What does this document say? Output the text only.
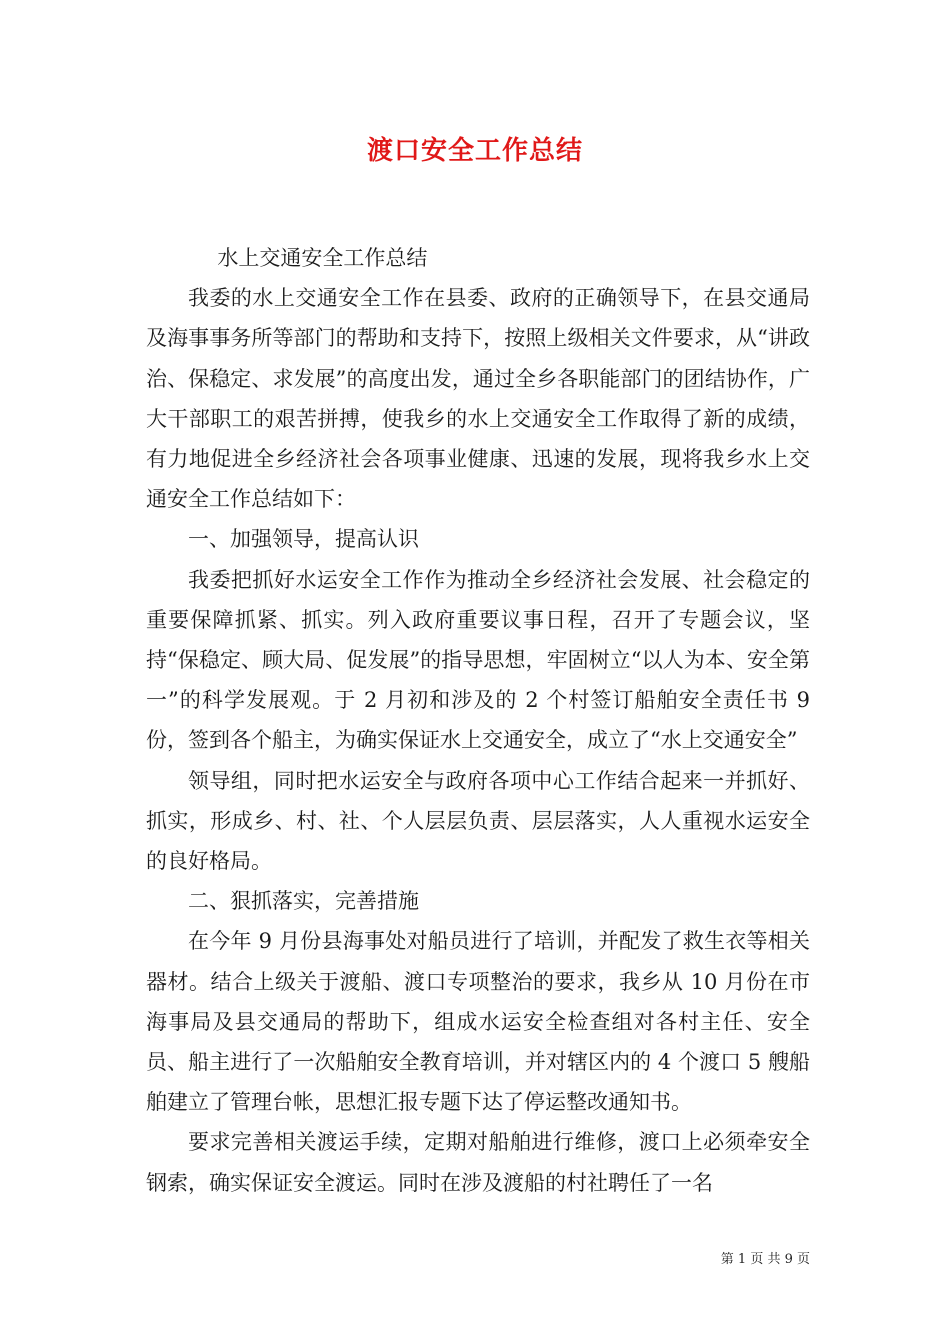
渡口安全工作总结

水上交通安全工作总结

我委的水上交通安全工作在县委、政府的正确领导下，在县交通局及海事事务所等部门的帮助和支持下，按照上级相关文件要求，从“讲政治、保稳定、求发展”的高度出发，通过全乡各职能部门的团结协作，广大干部职工的艰苦拼搏，使我乡的水上交通安全工作取得了新的成绩，有力地促进全乡经济社会各项事业健康、迅速的发展，现将我乡水上交通安全工作总结如下：

一、加强领导，提高认识

我委把抓好水运安全工作作为推动全乡经济社会发展、社会稳定的重要保障抓紧、抓实。列入政府重要议事日程，召开了专题会议，坚持“保稳定、顾大局、促发展”的指导思想，牢固树立“以人为本、安全第一”的科学发展观。于 2 月初和涉及的 2 个村签订船舶安全责任书 9 份，签到各个船主，为确实保证水上交通安全，成立了“水上交通安全”

领导组，同时把水运安全与政府各项中心工作结合起来一并抓好、抓实，形成乡、村、社、个人层层负责、层层落实，人人重视水运安全的良好格局。

二、狠抓落实，完善措施

在今年 9 月份县海事处对船员进行了培训，并配发了救生衣等相关器材。结合上级关于渡船、渡口专项整治的要求，我乡从 10 月份在市海事局及县交通局的帮助下，组成水运安全检查组对各村主任、安全员、船主进行了一次船舶安全教育培训，并对辖区内的 4 个渡口 5 艘船舶建立了管理台帐，思想汇报专题下达了停运整改通知书。

要求完善相关渡运手续，定期对船舶进行维修，渡口上必须牵安全钢索，确实保证安全渡运。同时在涉及渡船的村社聘任了一名

第 1 页 共 9 页
